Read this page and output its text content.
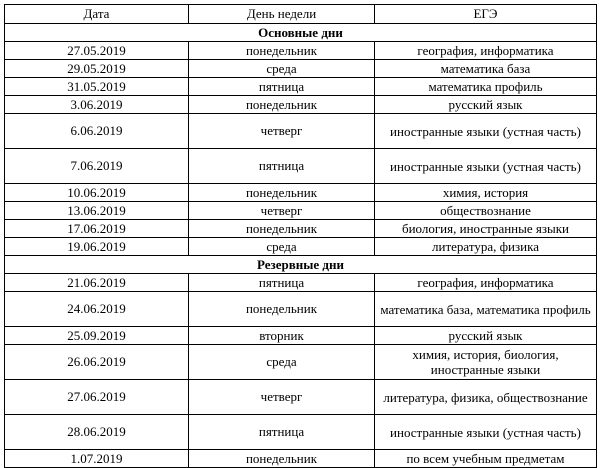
Дата	День недели	ЕГЭ
Основные дни		
27.05.2019	понедельник	география, информатика
29.05.2019	среда	математика база
31.05.2019	пятница	математика профиль
3.06.2019	понедельник	русский язык
6.06.2019	четверг	иностранные языки (устная часть)
7.06.2019	пятница	иностранные языки (устная часть)
10.06.2019	понедельник	химия, история
13.06.2019	четверг	обществознание
17.06.2019	понедельник	биология, иностранные языки
19.06.2019	среда	литература, физика
Резервные дни		
21.06.2019	пятница	география, информатика
24.06.2019	понедельник	математика база, математика профиль
25.09.2019	вторник	русский язык
26.06.2019	среда	химия, история, биология, иностранные языки
27.06.2019	четверг	литература, физика, обществознание
28.06.2019	пятница	иностранные языки (устная часть)
1.07.2019	понедельник	по всем учебным предметам
